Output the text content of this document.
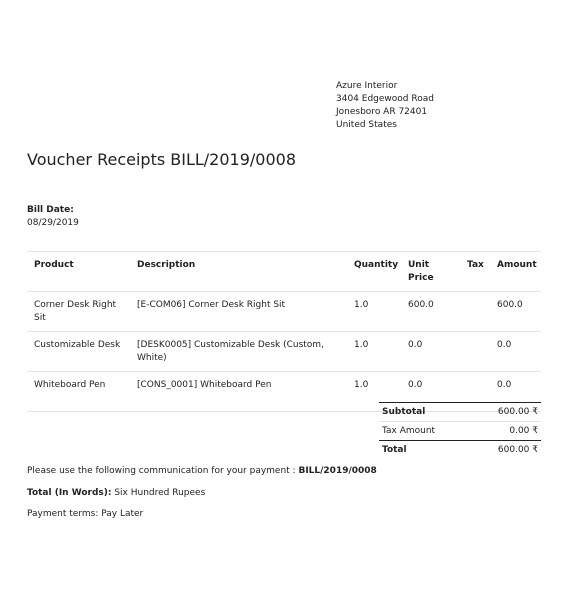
Azure Interior
3404 Edgewood Road
Jonesboro AR 72401
United States
Voucher Receipts BILL/2019/0008
Bill Date:
08/29/2019
Product	Description	Quantity	Unit Price	Tax	Amount
Corner Desk Right Sit	[E-COM06] Corner Desk Right Sit	1.0	600.0		600.0
Customizable Desk	[DESK0005] Customizable Desk (Custom, White)	1.0	0.0		0.0
Whiteboard Pen	[CONS_0001] Whiteboard Pen	1.0	0.0		0.0
Subtotal	600.00 ₹
Tax Amount	0.00 ₹
Total	600.00 ₹
Please use the following communication for your payment : BILL/2019/0008
Total (In Words): Six Hundred Rupees
Payment terms: Pay Later
